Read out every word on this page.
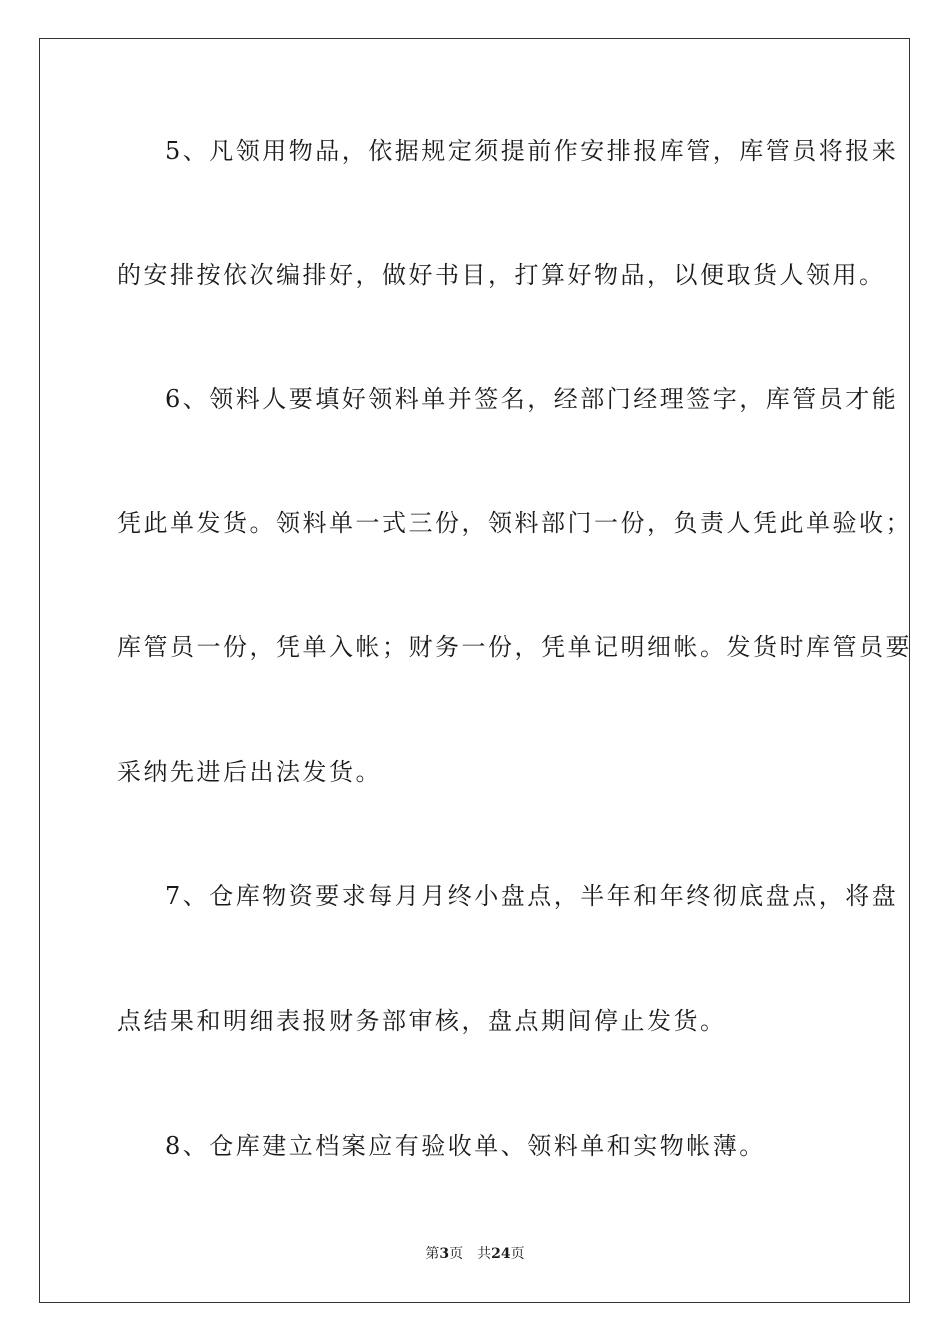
5、凡领用物品，依据规定须提前作安排报库管，库管员将报来
的安排按依次编排好，做好书目，打算好物品，以便取货人领用。
6、领料人要填好领料单并签名，经部门经理签字，库管员才能
凭此单发货。领料单一式三份，领料部门一份，负责人凭此单验收；
库管员一份，凭单入帐；财务一份，凭单记明细帐。发货时库管员要
采纳先进后出法发货。
7、仓库物资要求每月月终小盘点，半年和年终彻底盘点，将盘
点结果和明细表报财务部审核，盘点期间停止发货。
8、仓库建立档案应有验收单、领料单和实物帐薄。
第3页 共24页
